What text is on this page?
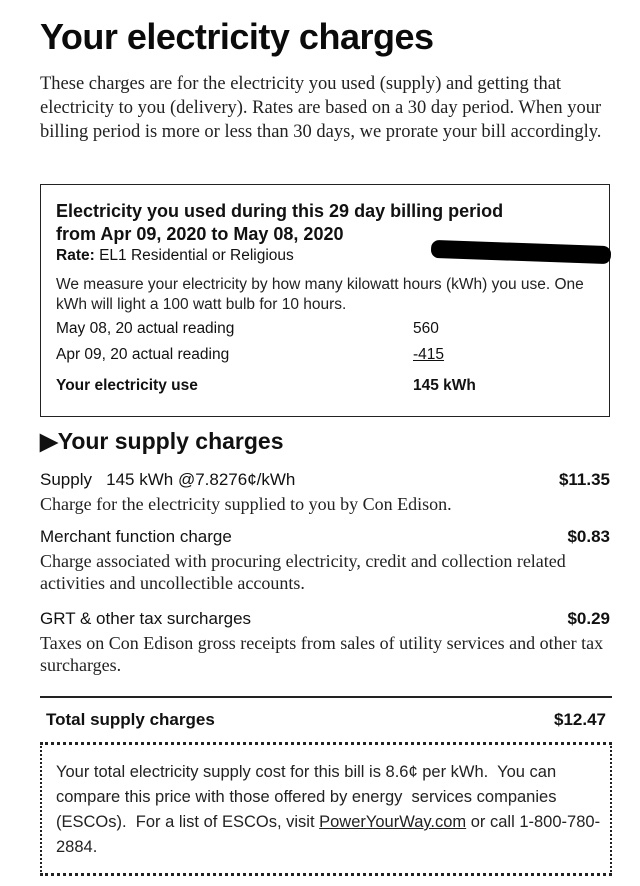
Your electricity charges
These charges are for the electricity you used (supply) and getting that electricity to you (delivery). Rates are based on a 30 day period. When your billing period is more or less than 30 days, we prorate your bill accordingly.
Electricity you used during this 29 day billing period
from Apr 09, 2020 to May 08, 2020
Rate: EL1 Residential or Religious
We measure your electricity by how many kilowatt hours (kWh) you use. One kWh will light a 100 watt bulb for 10 hours.
May 08, 20 actual reading	560
Apr 09, 20 actual reading	-415
Your electricity use	145 kWh
▶Your supply charges
Supply   145 kWh @7.8276¢/kWh	$11.35
Charge for the electricity supplied to you by Con Edison.
Merchant function charge	$0.83
Charge associated with procuring electricity, credit and collection related activities and uncollectible accounts.
GRT & other tax surcharges	$0.29
Taxes on Con Edison gross receipts from sales of utility services and other tax surcharges.
Total supply charges	$12.47
Your total electricity supply cost for this bill is 8.6¢ per kWh.  You can compare this price with those offered by energy  services companies (ESCOs).  For a list of ESCOs, visit PowerYourWay.com or call 1-800-780-2884.
